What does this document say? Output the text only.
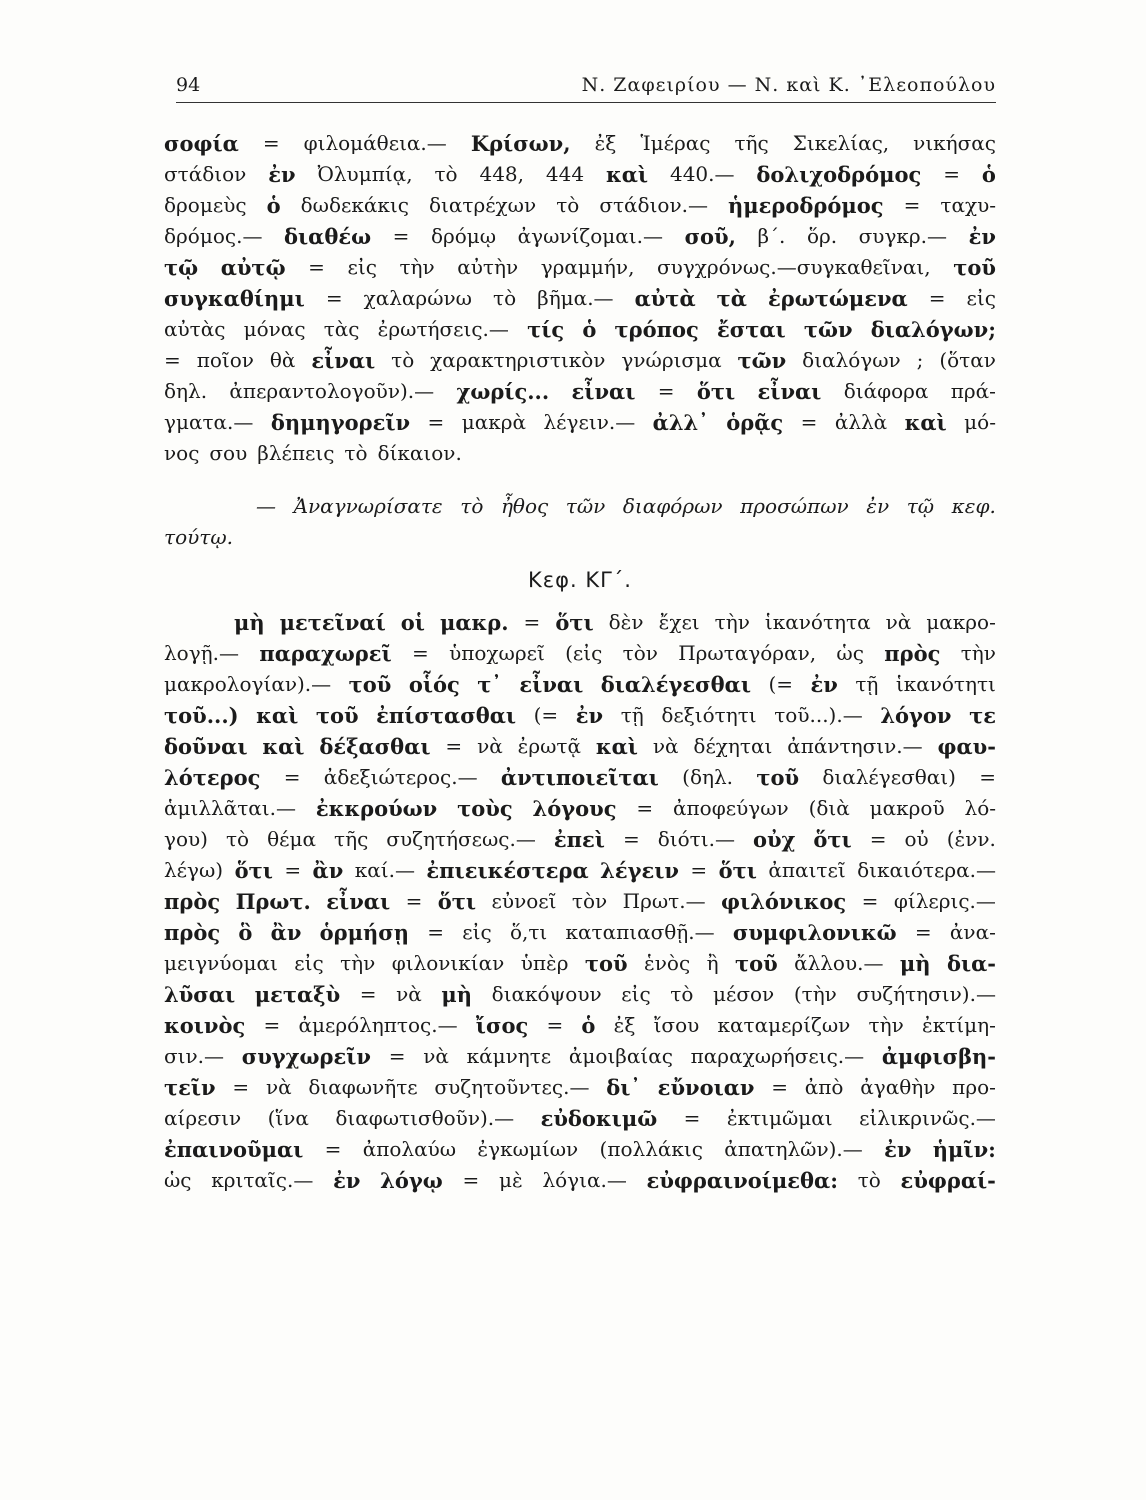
94	Ν. Ζαφειρίου — Ν. καὶ Κ. ᾿Ελεοπούλου
σοφία = φιλομάθεια.— Κρίσων, ἐξ Ἱμέρας τῆς Σικελίας, νικήσας
στάδιον ἐν Ὀλυμπίᾳ, τὸ 448, 444 καὶ 440.— δολιχοδρόμος = ὁ
δρομεὺς ὁ δωδεκάκις διατρέχων τὸ στάδιον.— ἡμεροδρόμος = ταχυ-
δρόμος.— διαθέω = δρόμῳ ἀγωνίζομαι.— σοῦ, β΄. ὅρ. συγκρ.— ἐν
τῷ αὐτῷ = εἰς τὴν αὐτὴν γραμμήν, συγχρόνως.—συγκαθεῖναι, τοῦ
συγκαθίημι = χαλαρώνω τὸ βῆμα.— αὐτὰ τὰ ἐρωτώμενα = εἰς
αὐτὰς μόνας τὰς ἐρωτήσεις.— τίς ὁ τρόπος ἔσται τῶν διαλόγων;
= ποῖον θὰ εἶναι τὸ χαρακτηριστικὸν γνώρισμα τῶν διαλόγων ; (ὅταν
δηλ. ἀπεραντολογοῦν).— χωρίς... εἶναι = ὅτι εἶναι διάφορα πρά-
γματα.— δημηγορεῖν = μακρὰ λέγειν.— ἀλλ᾿ ὁρᾷς = ἀλλὰ καὶ μό-
νος σου βλέπεις τὸ δίκαιον.
— Ἀναγνωρίσατε τὸ ἦθος τῶν διαφόρων προσώπων ἐν τῷ κεφ.
τούτῳ.
Κεφ. ΚΓ΄.
μὴ μετεῖναί οἱ μακρ. = ὅτι δὲν ἔχει τὴν ἱκανότητα νὰ μακρο-
λογῇ.— παραχωρεῖ = ὑποχωρεῖ (εἰς τὸν Πρωταγόραν, ὡς πρὸς τὴν
μακρολογίαν).— τοῦ οἷός τ᾿ εἶναι διαλέγεσθαι (= ἐν τῇ ἱκανότητι
τοῦ...) καὶ τοῦ ἐπίστασθαι (= ἐν τῇ δεξιότητι τοῦ...).— λόγον τε
δοῦναι καὶ δέξασθαι = νὰ ἐρωτᾷ καὶ νὰ δέχηται ἀπάντησιν.— φαυ-
λότερος = ἀδεξιώτερος.— ἀντιποιεῖται (δηλ. τοῦ διαλέγεσθαι) =
ἁμιλλᾶται.— ἐκκρούων τοὺς λόγους = ἀποφεύγων (διὰ μακροῦ λό-
γου) τὸ θέμα τῆς συζητήσεως.— ἐπεὶ = διότι.— οὐχ ὅτι = οὐ (ἐνν.
λέγω) ὅτι = ἂν καί.— ἐπιεικέστερα λέγειν = ὅτι ἀπαιτεῖ δικαιότερα.—
πρὸς Πρωτ. εἶναι = ὅτι εὐνοεῖ τὸν Πρωτ.— φιλόνικος = φίλερις.—
πρὸς ὃ ἂν ὁρμήσῃ = εἰς ὅ,τι καταπιασθῇ.— συμφιλονικῶ = ἀνα-
μειγνύομαι εἰς τὴν φιλονικίαν ὑπὲρ τοῦ ἑνὸς ἢ τοῦ ἄλλου.— μὴ δια-
λῦσαι μεταξὺ = νὰ μὴ διακόψουν εἰς τὸ μέσον (τὴν συζήτησιν).—
κοινὸς = ἀμερόληπτος.— ἴσος = ὁ ἐξ ἴσου καταμερίζων τὴν ἐκτίμη-
σιν.— συγχωρεῖν = νὰ κάμνητε ἀμοιβαίας παραχωρήσεις.— ἀμφισβη-
τεῖν = νὰ διαφωνῆτε συζητοῦντες.— δι᾿ εὔνοιαν = ἀπὸ ἀγαθὴν προ-
αίρεσιν (ἵνα διαφωτισθοῦν).— εὐδοκιμῶ = ἐκτιμῶμαι εἰλικρινῶς.—
ἐπαινοῦμαι = ἀπολαύω ἐγκωμίων (πολλάκις ἀπατηλῶν).— ἐν ἡμῖν:
ὡς κριταῖς.— ἐν λόγῳ = μὲ λόγια.— εὐφραινοίμεθα: τὸ εὐφραί-
